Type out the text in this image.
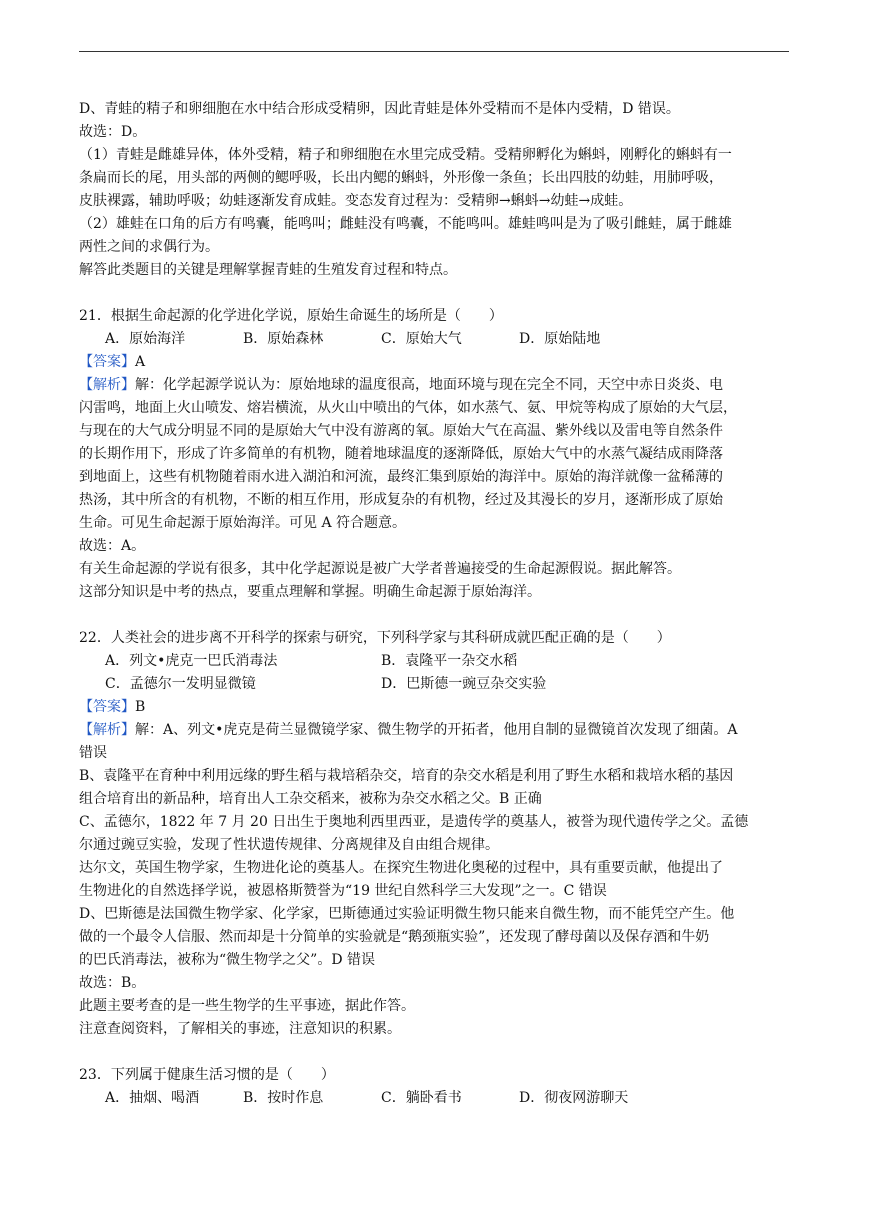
D、青蛙的精子和卵细胞在水中结合形成受精卵，因此青蛙是体外受精而不是体内受精，D 错误。
故选：D。
（1）青蛙是雌雄异体，体外受精，精子和卵细胞在水里完成受精。受精卵孵化为蝌蚪，刚孵化的蝌蚪有一
条扁而长的尾，用头部的两侧的鳃呼吸，长出内鳃的蝌蚪，外形像一条鱼；长出四肢的幼蛙，用肺呼吸，
皮肤裸露，辅助呼吸；幼蛙逐渐发育成蛙。变态发育过程为：受精卵→蝌蚪→幼蛙→成蛙。
（2）雄蛙在口角的后方有鸣囊，能鸣叫；雌蛙没有鸣囊，不能鸣叫。雄蛙鸣叫是为了吸引雌蛙，属于雌雄
两性之间的求偶行为。
解答此类题目的关键是理解掌握青蛙的生殖发育过程和特点。
21．根据生命起源的化学进化学说，原始生命诞生的场所是（　　）
A．原始海洋	B．原始森林	C．原始大气	D．原始陆地
【答案】A
【解析】解：化学起源学说认为：原始地球的温度很高，地面环境与现在完全不同，天空中赤日炎炎、电
闪雷鸣，地面上火山喷发、熔岩横流，从火山中喷出的气体，如水蒸气、氨、甲烷等构成了原始的大气层，
与现在的大气成分明显不同的是原始大气中没有游离的氧。原始大气在高温、紫外线以及雷电等自然条件
的长期作用下，形成了许多简单的有机物，随着地球温度的逐渐降低，原始大气中的水蒸气凝结成雨降落
到地面上，这些有机物随着雨水进入湖泊和河流，最终汇集到原始的海洋中。原始的海洋就像一盆稀薄的
热汤，其中所含的有机物，不断的相互作用，形成复杂的有机物，经过及其漫长的岁月，逐渐形成了原始
生命。可见生命起源于原始海洋。可见 A 符合题意。
故选：A。
有关生命起源的学说有很多，其中化学起源说是被广大学者普遍接受的生命起源假说。据此解答。
这部分知识是中考的热点，要重点理解和掌握。明确生命起源于原始海洋。
22．人类社会的进步离不开科学的探索与研究，下列科学家与其科研成就匹配正确的是（　　）
A．列文•虎克一巴氏消毒法	B．袁隆平一杂交水稻
C．孟德尔一发明显微镜	D．巴斯德一豌豆杂交实验
【答案】B
【解析】解：A、列文•虎克是荷兰显微镜学家、微生物学的开拓者，他用自制的显微镜首次发现了细菌。A
错误
B、袁隆平在育种中利用远缘的野生稻与栽培稻杂交，培育的杂交水稻是利用了野生水稻和栽培水稻的基因
组合培育出的新品种，培育出人工杂交稻来，被称为杂交水稻之父。B 正确
C、孟德尔，1822 年 7 月 20 日出生于奥地利西里西亚，是遗传学的奠基人，被誉为现代遗传学之父。孟德
尔通过豌豆实验，发现了性状遗传规律、分离规律及自由组合规律。
达尔文，英国生物学家，生物进化论的奠基人。在探究生物进化奥秘的过程中，具有重要贡献，他提出了
生物进化的自然选择学说，被恩格斯赞誉为“19 世纪自然科学三大发现”之一。C 错误
D、巴斯德是法国微生物学家、化学家，巴斯德通过实验证明微生物只能来自微生物，而不能凭空产生。他
做的一个最令人信服、然而却是十分简单的实验就是“鹅颈瓶实验”，还发现了酵母菌以及保存酒和牛奶
的巴氏消毒法，被称为“微生物学之父”。D 错误
故选：B。
此题主要考查的是一些生物学的生平事迹，据此作答。
注意查阅资料，了解相关的事迹，注意知识的积累。
23．下列属于健康生活习惯的是（　　）
A．抽烟、喝酒	B．按时作息	C．躺卧看书	D．彻夜网游聊天
